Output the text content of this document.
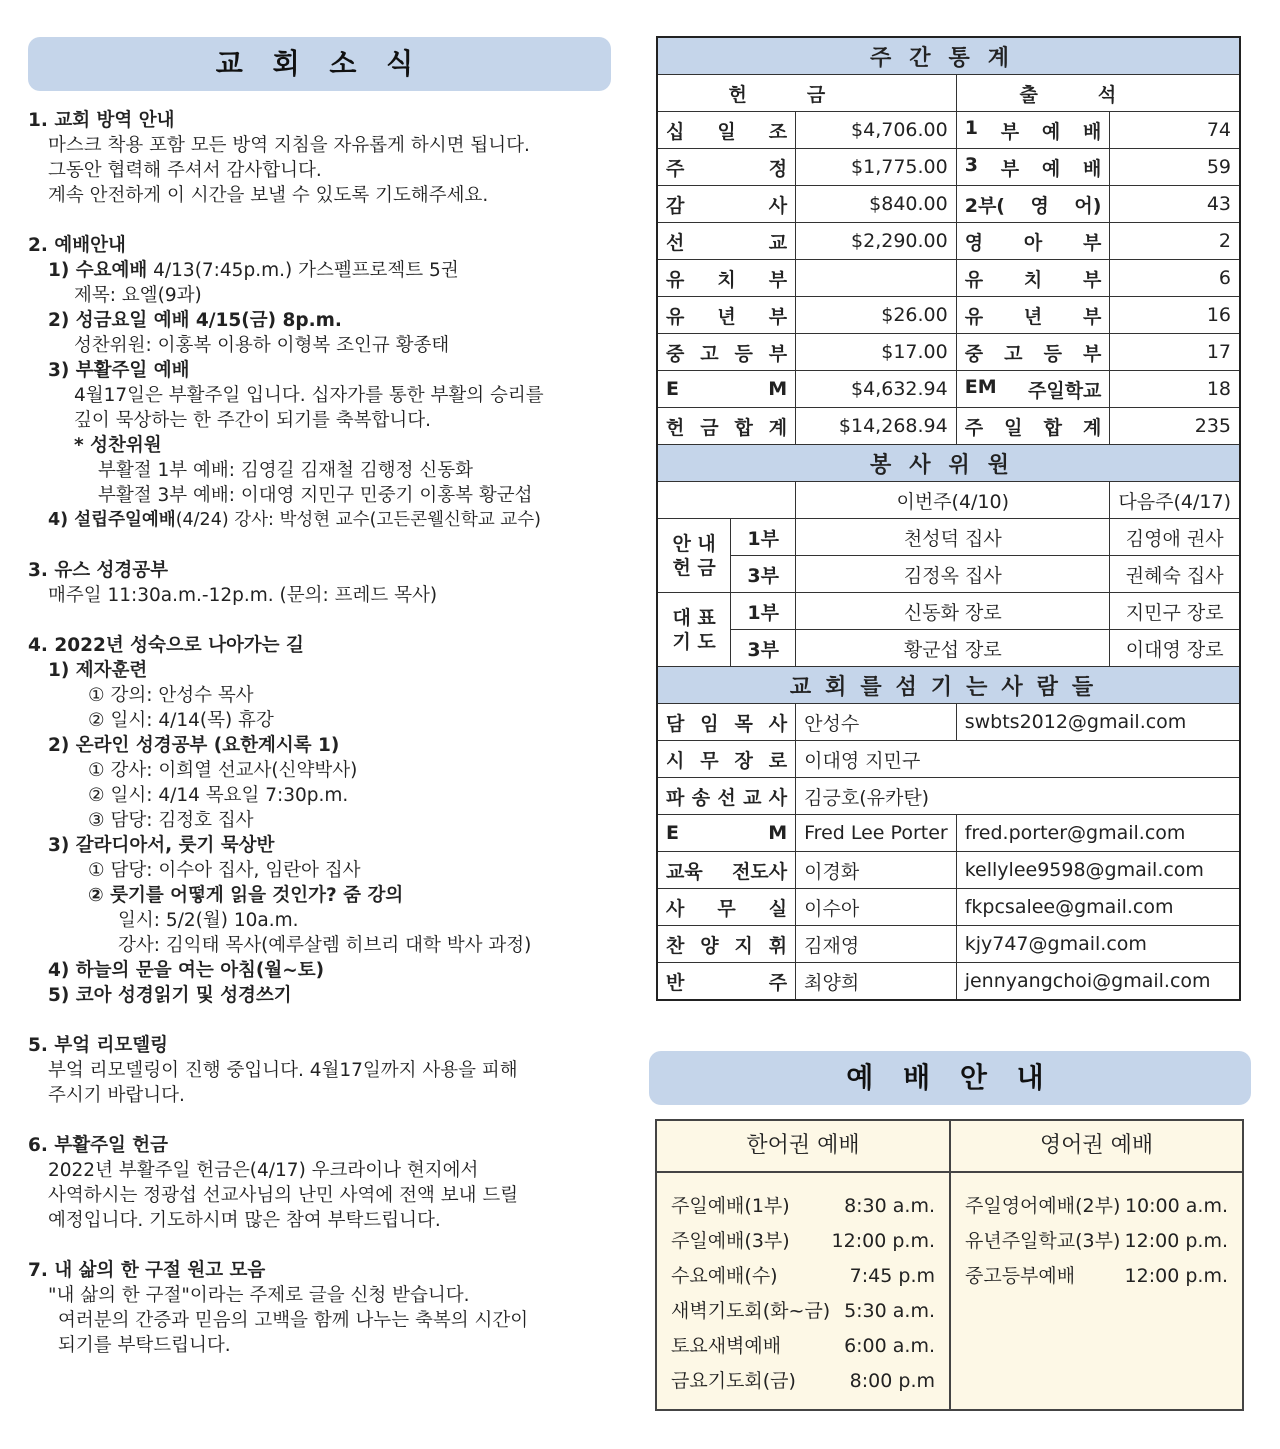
교 회 소 식
1. 교회 방역 안내
마스크 착용 포함 모든 방역 지침을 자유롭게 하시면 됩니다.
그동안 협력해 주셔서 감사합니다.
계속 안전하게 이 시간을 보낼 수 있도록 기도해주세요.
2. 예배안내
1) 수요예배 4/13(7:45p.m.) 가스펠프로젝트 5권
제목: 요엘(9과)
2) 성금요일 예배 4/15(금) 8p.m.
성찬위원: 이홍복 이용하 이형복 조인규 황종태
3) 부활주일 예배
4월17일은 부활주일 입니다. 십자가를 통한 부활의 승리를
깊이 묵상하는 한 주간이 되기를 축복합니다.
* 성찬위원
부활절 1부 예배: 김영길 김재철 김행정 신동화
부활절 3부 예배: 이대영 지민구 민중기 이홍복 황군섭
4) 설립주일예배(4/24) 강사: 박성현 교수(고든콘웰신학교 교수)
3. 유스 성경공부
매주일 11:30a.m.-12p.m. (문의: 프레드 목사)
4. 2022년 성숙으로 나아가는 길
1) 제자훈련
① 강의: 안성수 목사
② 일시: 4/14(목) 휴강
2) 온라인 성경공부 (요한계시록 1)
① 강사: 이희열 선교사(신약박사)
② 일시: 4/14 목요일 7:30p.m.
③ 담당: 김정호 집사
3) 갈라디아서, 룻기 묵상반
① 담당: 이수아 집사, 임란아 집사
② 룻기를 어떻게 읽을 것인가? 줌 강의
일시: 5/2(월) 10a.m.
강사: 김익태 목사(예루살렘 히브리 대학 박사 과정)
4) 하늘의 문을 여는 아침(월~토)
5) 코아 성경읽기 및 성경쓰기
5. 부엌 리모델링
부엌 리모델링이 진행 중입니다. 4월17일까지 사용을 피해
주시기 바랍니다.
6. 부활주일 헌금
2022년 부활주일 헌금은(4/17) 우크라이나 현지에서
사역하시는 정광섭 선교사님의 난민 사역에 전액 보내 드릴
예정입니다. 기도하시며 많은 참여 부탁드립니다.
7. 내 삶의 한 구절 원고 모음
"내 삶의 한 구절"이라는 주제로 글을 신청 받습니다.
여러분의 간증과 믿음의 고백을 함께 나누는 축복의 시간이
되기를 부탁드립니다.
주간통계				
헌금			출석	

십 일 조		$4,706.00	1 부 예 배	74

주 정		$1,775.00	3 부 예 배	59

감 사		$840.00	2부( 영 어)	43

선 교		$2,290.00	영 아 부	2

유 치 부			유 치 부	6

유 년 부		$26.00	유 년 부	16

중 고 등 부		$17.00	중 고 등 부	17

E M		$4,632.94	EM 주일학교	18

헌 금 합 계		$14,268.94	주 일 합 계	235
봉사위원				
		이번주(4/10)		다음주(4/17)

안 내
헌 금	1부	천성덕 집사		김영애 권사
	3부	김정옥 집사		권혜숙 집사

대 표
기 도	1부	신동화 장로		지민구 장로
	3부	황군섭 장로		이대영 장로
교회를섬기는사람들				

담 임 목 사		안성수	swbts2012@gmail.com	

시 무 장 로		이대영 지민구		

파 송 선 교 사		김긍호(유카탄)		

E M		Fred Lee Porter	fred.porter@gmail.com	

교육 전도사		이경화	kellylee9598@gmail.com	

사 무 실		이수아	fkpcsalee@gmail.com	

찬 양 지 휘		김재영	kjy747@gmail.com	

반 주		최양희	jennyangchoi@gmail.com	
예 배 안 내
한어권 예배
주일예배(1부)	8:30 a.m.
주일예배(3부) 12:00 p.m.
수요예배(수)	7:45 p.m
새벽기도회(화~금) 5:30 a.m.
토요새벽예배	6:00 a.m.
금요기도회(금)	8:00 p.m
영어권 예배
주일영어예배(2부) 10:00 a.m.
유년주일학교(3부) 12:00 p.m.
중고등부예배	12:00 p.m.
